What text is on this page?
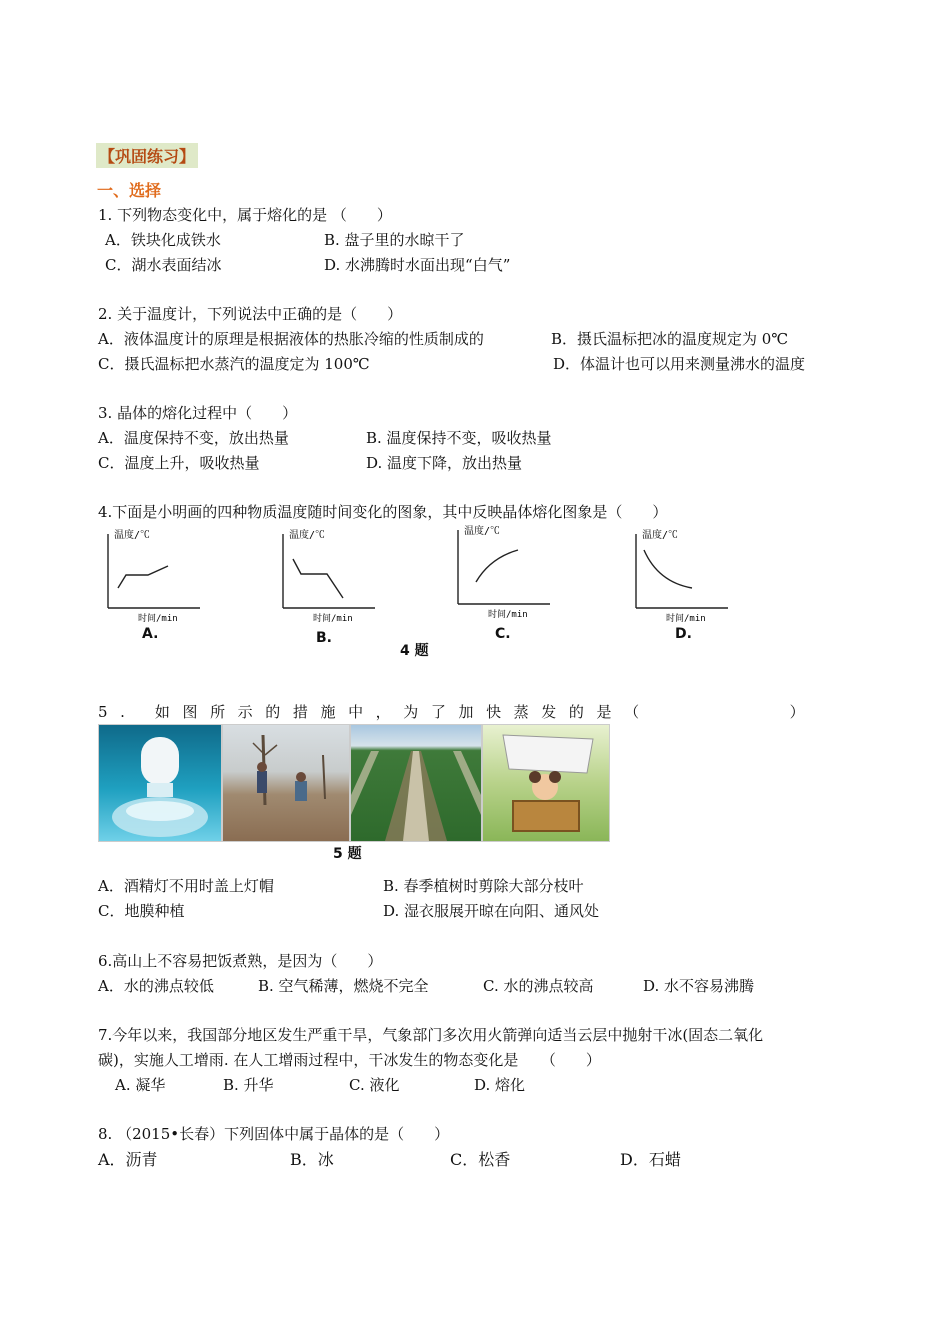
【巩固练习】
一、选择
1. 下列物态变化中，属于熔化的是 （　　）
A．铁块化成铁水	B. 盘子里的水晾干了
C．湖水表面结冰	D. 水沸腾时水面出现“白气”
2. 关于温度计，下列说法中正确的是（　　）
A．液体温度计的原理是根据液体的热胀冷缩的性质制成的	B．摄氏温标把冰的温度规定为 0℃
C．摄氏温标把水蒸汽的温度定为 100℃	D．体温计也可以用来测量沸水的温度
3. 晶体的熔化过程中（　　）
A．温度保持不变，放出热量	B. 温度保持不变，吸收热量
C．温度上升，吸收热量	D. 温度下降，放出热量
4.下面是小明画的四种物质温度随时间变化的图象，其中反映晶体熔化图象是（　　）
温度/℃
时间/min
A.
温度/℃
时间/min
B.
温度/℃
时间/min
C.
温度/℃
时间/min
D.
4 题
5. 如图所示的措施中，为了加快蒸发的是（　　　　　）
5 题
A．酒精灯不用时盖上灯帽	B. 春季植树时剪除大部分枝叶
C．地膜种植	D. 湿衣服展开晾在向阳、通风处
6.高山上不容易把饭煮熟，是因为（　　）
A．水的沸点较低	B. 空气稀薄，燃烧不完全	C. 水的沸点较高	D. 水不容易沸腾
7.今年以来，我国部分地区发生严重干旱，气象部门多次用火箭弹向适当云层中抛射干冰(固态二氧化
碳)，实施人工增雨. 在人工增雨过程中，干冰发生的物态变化是　　（　　）
A. 凝华	B. 升华	C. 液化	D. 熔化
8. （2015•长春）下列固体中属于晶体的是（　　）
A．沥青	B．冰	C．松香	D．石蜡
